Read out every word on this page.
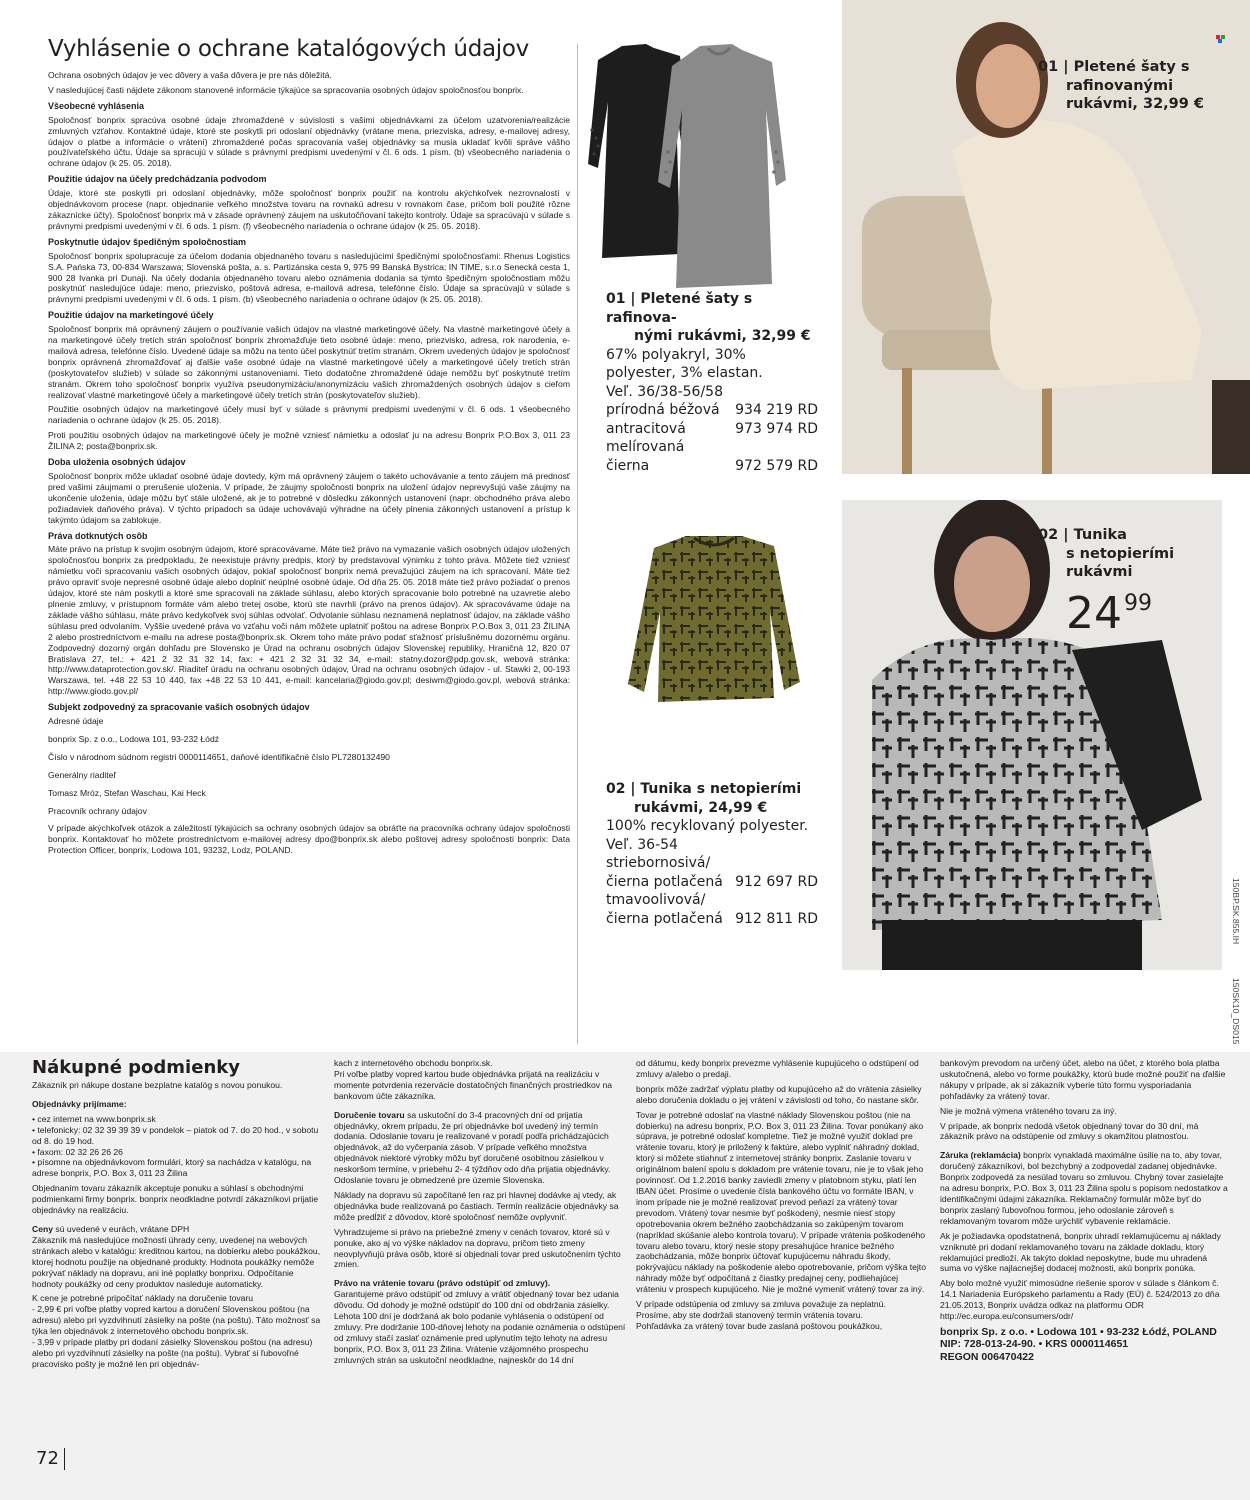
Vyhlásenie o ochrane katalógových údajov

Ochrana osobných údajov je vec dôvery a vaša dôvera je pre nás dôležitá.

V nasledujúcej časti nájdete zákonom stanovené informácie týkajúce sa spracovania osobných údajov spoločnosťou bonprix.

Všeobecné vyhlásenia

Spoločnosť bonprix spracúva osobné údaje zhromaždené v súvislosti s vašimi objednávkami za účelom uzatvorenia/realizácie zmluvných vzťahov. Kontaktné údaje, ktoré ste poskytli pri odoslaní objednávky (vrátane mena, priezviska, adresy, e-mailovej adresy, údajov o platbe a informácie o vrátení) zhromaždené počas spracovania vašej objednávky sa musia ukladať kvôli správe vášho používateľského účtu. Údaje sa spracujú v súlade s právnymi predpismi uvedenými v čl. 6 ods. 1 písm. (b) všeobecného nariadenia o ochrane údajov (k 25. 05. 2018).

Použitie údajov na účely predchádzania podvodom

Údaje, ktoré ste poskytli pri odoslaní objednávky, môže spoločnosť bonprix použiť na kontrolu akýchkoľvek nezrovnalostí v objednávkovom procese (napr. objednanie veľkého množstva tovaru na rovnakú adresu v rovnakom čase, pričom boli použité rôzne zákaznícke účty). Spoločnosť bonprix má v zásade oprávnený záujem na uskutočňovaní takejto kontroly. Údaje sa spracúvajú v súlade s právnymi predpismi uvedenými v čl. 6 ods. 1 písm. (f) všeobecného nariadenia o ochrane údajov (k 25. 05. 2018).

Poskytnutie údajov špedičným spoločnostiam

Spoločnosť bonprix spolupracuje za účelom dodania objednaného tovaru s nasledujúcimi špedičnými spoločnosťami: Rhenus Logistics S.A. Pańska 73, 00-834 Warszawa; Slovenská pošta, a. s. Partizánska cesta 9, 975 99 Banská Bystrica; IN TIME, s.r.o Senecká cesta 1, 900 28 Ivanka pri Dunaji. Na účely dodania objednaného tovaru alebo oznámenia dodania sa týmto špedičným spoločnostiam môžu poskytnúť nasledujúce údaje: meno, priezvisko, poštová adresa, e-mailová adresa, telefónne číslo. Údaje sa spracúvajú v súlade s právnymi predpismi uvedenými v čl. 6 ods. 1 písm. (b) všeobecného nariadenia o ochrane údajov (k 25. 05. 2018).

Použitie údajov na marketingové účely

Spoločnosť bonprix má oprávnený záujem o používanie vašich údajov na vlastné marketingové účely. Na vlastné marketingové účely a na marketingové účely tretích strán spoločnosť bonprix zhromažďuje tieto osobné údaje: meno, priezvisko, adresa, rok narodenia, e-mailová adresa, telefónne číslo. Uvedené údaje sa môžu na tento účel poskytnúť tretím stranám. Okrem uvedených údajov je spoločnosť bonprix oprávnená zhromažďovať aj ďalšie vaše osobné údaje na vlastné marketingové účely a marketingové účely tretích strán (poskytovateľov služieb) v súlade so zákonnými ustanoveniami. Tieto dodatočne zhromaždené údaje nemôžu byť poskytnuté tretím stranám. Okrem toho spoločnosť bonprix využíva pseudonymizáciu/anonymizáciu vašich zhromaždených osobných údajov s cieľom realizovať vlastné marketingové účely a marketingové účely tretích strán (poskytovateľov služieb).

Použitie osobných údajov na marketingové účely musí byť v súlade s právnymi predpismi uvedenými v čl. 6 ods. 1 všeobecného nariadenia o ochrane údajov (k 25. 05. 2018).

Proti použitiu osobných údajov na marketingové účely je možné vzniesť námietku a odoslať ju na adresu Bonprix P.O.Box 3, 011 23 ŽILINA 2; posta@bonprix.sk.

Doba uloženia osobných údajov

Spoločnosť bonprix môže ukladať osobné údaje dovtedy, kým má oprávnený záujem o takéto uchovávanie a tento záujem má prednosť pred vašimi záujmami o prerušenie uloženia. V prípade, že záujmy spoločnosti bonprix na uložení údajov neprevyšujú vaše záujmy na ukončenie uloženia, údaje môžu byť stále uložené, ak je to potrebné v dôsledku zákonných ustanovení (napr. obchodného práva alebo požiadaviek daňového práva). V týchto prípadoch sa údaje uchovávajú výhradne na účely plnenia zákonných ustanovení a prístup k takýmto údajom sa zablokuje.

Práva dotknutých osôb

Máte právo na prístup k svojim osobným údajom, ktoré spracovávame. Máte tiež právo na vymazanie vašich osobných údajov uložených spoločnosťou bonprix za predpokladu, že neexistuje právny predpis, ktorý by predstavoval výnimku z tohto práva. Môžete tiež vzniesť námietku voči spracovaniu vašich osobných údajov, pokiaľ spoločnosť bonprix nemá prevažujúci záujem na ich spracovaní. Máte tiež právo opraviť svoje nepresné osobné údaje alebo doplniť neúplné osobné údaje. Od dňa 25. 05. 2018 máte tiež právo požiadať o prenos údajov, ktoré ste nám poskytli a ktoré sme spracovali na základe súhlasu, alebo ktorých spracovanie bolo potrebné na uzavretie alebo plnenie zmluvy, v prístupnom formáte vám alebo tretej osobe, ktorú ste navrhli (právo na prenos údajov). Ak spracovávame údaje na základe vášho súhlasu, máte právo kedykoľvek svoj súhlas odvolať. Odvolanie súhlasu neznamená neplatnosť údajov, na základe vášho súhlasu pred odvolaním. Vyššie uvedené práva vo vzťahu voči nám môžete uplatniť poštou na adrese Bonprix P.O.Box 3, 011 23 ŽILINA 2 alebo prostredníctvom e-mailu na adrese posta@bonprix.sk. Okrem toho máte právo podať sťažnosť príslušnému dozornému orgánu. Zodpovedný dozorný orgán dohľadu pre Slovensko je Úrad na ochranu osobných údajov Slovenskej republiky, Hraničná 12, 820 07 Bratislava 27, tel.: + 421 2 32 31 32 14, fax: + 421 2 32 31 32 34, e-mail: statny.dozor@pdp.gov.sk, webová stránka: http://www.dataprotection.gov.sk/. Riaditeľ úradu na ochranu osobných údajov, Úrad na ochranu osobných údajov - ul. Stawki 2, 00-193 Warszawa, tel. +48 22 53 10 440, fax +48 22 53 10 441, e-mail: kancelaria@giodo.gov.pl; desiwm@giodo.gov.pl, webová stránka: http://www.giodo.gov.pl/

Subjekt zodpovedný za spracovanie vašich osobných údajov

Adresné údaje

bonprix Sp. z o.o., Lodowa 101, 93-232 Łódź

Číslo v národnom súdnom registri 0000114651, daňové identifikačné číslo PL7280132490

Generálny riaditeľ

Tomasz Mróz, Stefan Waschau, Kai Heck

Pracovník ochrany údajov

V prípade akýchkoľvek otázok a záležitostí týkajúcich sa ochrany osobných údajov sa obráťte na pracovníka ochrany údajov spoločnosti bonprix. Kontaktovať ho môžete prostredníctvom e-mailovej adresy dpo@bonprix.sk alebo poštovej adresy spoločnosti bonprix: Data Protection Officer, bonprix, Lodowa 101, 93232, Lodz, POLAND.

01 | Pletené šaty s rafinova-
nými rukávmi, 32,99 €
67% polyakryl, 30% polyester, 3% elastan.
Veľ. 36/38-56/58
prírodná béžová 934 219 RD
antracitová melírovaná
973 974 RD
čierna	972 579 RD
02 | Tunika s netopierími
rukávmi, 24,99 €
100% recyklovaný polyester.
Veľ. 36-54
striebornosivá/
čierna potlačená 912 697 RD
tmavoolivová/
čierna potlačená 912 811 RD
01 | Pletené šaty s
rafinovanými
rukávmi, 32,99 €
02 | Tunika
s netopierími
rukávmi
$24^{99}$
150BP.SK.855.IH
150SK10_DS015
Nákupné podmienky

Zákazník pri nákupe dostane bezplatne katalóg s novou ponukou.

Objednávky prijímame:

• cez internet na www.bonprix.sk

• telefonicky: 02 32 39 39 39 v pondelok – piatok od 7. do 20 hod., v sobotu od 8. do 19 hod.

• faxom: 02 32 26 26 26

• písomne na objednávkovom formulári, ktorý sa nachádza v katalógu, na adrese bonprix, P.O. Box 3, 011 23 Žilina

Objednaním tovaru zákazník akceptuje ponuku a súhlasí s obchodnými podmienkami firmy bonprix. bonprix neodkladne potvrdí zákazníkovi prijatie objednávky na realizáciu.

Ceny sú uvedené v eurách, vrátane DPH

Zákazník má nasledujúce možnosti úhrady ceny, uvedenej na webových stránkach alebo v katalógu: kreditnou kartou, na dobierku alebo poukážkou, ktorej hodnotu použije na objednané produkty. Hodnota poukážky nemôže pokrývať náklady na dopravu, ani iné poplatky bonprixu. Odpočítanie hodnoty poukážky od ceny produktov nasleduje automaticky.

K cene je potrebné pripočítať náklady na doručenie tovaru

- 2,99 € pri voľbe platby vopred kartou a doručení Slovenskou poštou (na adresu) alebo pri vyzdvihnutí zásielky na pošte (na poštu). Táto možnosť sa týka len objednávok z internetového obchodu bonprix.sk.

- 3,99 v prípade platby pri dodaní zásielky Slovenskou poštou (na adresu) alebo pri vyzdvihnutí zásielky na pošte (na poštu). Vybrať si ľubovoľné pracovisko pošty je možné len pri objednáv-

kach z internetového obchodu bonprix.sk.

Pri voľbe platby vopred kartou bude objednávka prijatá na realizáciu v momente potvrdenia rezervácie dostatočných finančných prostriedkov na bankovom účte zákazníka.

Doručenie tovaru sa uskutoční do 3-4 pracovných dní od prijatia objednávky, okrem prípadu, že pri objednávke bol uvedený iný termín dodania. Odoslanie tovaru je realizované v poradí podľa prichádzajúcich objednávok, až do vyčerpania zásob. V prípade veľkého množstva objednávok niektoré výrobky môžu byť doručené osobitnou zásielkou v neskoršom termíne, v priebehu 2- 4 týždňov odo dňa prijatia objednávky. Odoslanie tovaru je obmedzené pre územie Slovenska.

Náklady na dopravu sú započítané len raz pri hlavnej dodávke aj vtedy, ak objednávka bude realizovaná po častiach. Termín realizácie objednávky sa môže predĺžiť z dôvodov, ktoré spoločnosť nemôže ovplyvniť.

Vyhradzujeme si právo na priebežné zmeny v cenách tovarov, ktoré sú v ponuke, ako aj vo výške nákladov na dopravu, pričom tieto zmeny neovplyvňujú práva osôb, ktoré si objednali tovar pred uskutočnením týchto zmien.

Právo na vrátenie tovaru (právo odstúpiť od zmluvy).

Garantujeme právo odstúpiť od zmluvy a vrátiť objednaný tovar bez udania dôvodu. Od dohody je možné odstúpiť do 100 dní od obdržania zásielky. Lehota 100 dní je dodržaná ak bolo podanie vyhlásenia o odstúpení od zmluvy. Pre dodržanie 100-dňovej lehoty na podanie oznámenia o odstúpení od zmluvy stačí zaslať oznámenie pred uplynutím tejto lehoty na adresu bonprix, P.O. Box 3, 011 23 Žilina. Vrátenie vzájomného prospechu zmluvných strán sa uskutoční neodkladne, najneskôr do 14 dní

od dátumu, kedy bonprix prevezme vyhlásenie kupujúceho o odstúpení od zmluvy a/alebo o predaji.

bonprix môže zadržať výplatu platby od kupujúceho až do vrátenia zásielky alebo doručenia dokladu o jej vrátení v závislosti od toho, čo nastane skôr.

Tovar je potrebné odoslať na vlastné náklady Slovenskou poštou (nie na dobierku) na adresu bonprix, P.O. Box 3, 011 23 Žilina. Tovar ponúkaný ako súprava, je potrebné odoslať kompletne. Tiež je možné využiť doklad pre vrátenie tovaru, ktorý je priložený k faktúre, alebo vyplniť náhradný doklad, ktorý si môžete stiahnuť z internetovej stránky bonprix. Zaslanie tovaru v originálnom balení spolu s dokladom pre vrátenie tovaru, nie je to však jeho povinnosť. Od 1.2.2016 banky zaviedli zmeny v platobnom styku, platí len IBAN účet. Prosíme o uvedenie čísla bankového účtu vo formáte IBAN, v inom prípade nie je možné realizovať prevod peňazí za vrátený tovar prevodom. Vrátený tovar nesmie byť poškodený, nesmie niesť stopy opotrebovania okrem bežného zaobchádzania so zakúpeným tovarom (napríklad skúšanie alebo kontrola tovaru). V prípade vrátenia poškodeného tovaru alebo tovaru, ktorý nesie stopy presahujúce hranice bežného zaobchádzania, môže bonprix účtovať kupujúcemu náhradu škody, pokrývajúcu náklady na poškodenie alebo opotrebovanie, pričom výška tejto náhrady môže byť odpočítaná z čiastky predajnej ceny, podliehajúcej vráteniu v prospech kupujúceho. Nie je možné vymeniť vrátený tovar za iný.

V prípade odstúpenia od zmluvy sa zmluva považuje za neplatnú.

Prosíme, aby ste dodržali stanovený termín vrátenia tovaru.

Pohľadávka za vrátený tovar bude zaslaná poštovou poukážkou,

bankovým prevodom na určený účet, alebo na účet, z ktorého bola platba uskutočnená, alebo vo forme poukážky, ktorú bude možné použiť na ďalšie nákupy v prípade, ak si zákazník vyberie túto formu vysporiadania pohľadávky za vrátený tovar.

Nie je možná výmena vráteného tovaru za iný.

V prípade, ak bonprix nedodá všetok objednaný tovar do 30 dní, má zákazník právo na odstúpenie od zmluvy s okamžitou platnosťou.

Záruka (reklamácia) bonprix vynakladá maximálne úsilie na to, aby tovar, doručený zákazníkovi, bol bezchybný a zodpovedal zadanej objednávke. Bonprix zodpovedá za nesúlad tovaru so zmluvou. Chybný tovar zasielajte na adresu bonprix, P.O. Box 3, 011 23 Žilina spolu s popisom nedostatkov a identifikačnými údajmi zákazníka. Reklamačný formulár môže byť do bonprix zaslaný ľubovoľnou formou, jeho odoslanie zároveň s reklamovaným tovarom môže urýchliť vybavenie reklamácie.

Ak je požiadavka opodstatnená, bonprix uhradí reklamujúcemu aj náklady vzniknuté pri dodaní reklamovaného tovaru na základe dokladu, ktorý reklamujúci predloží. Ak takýto doklad neposkytne, bude mu uhradená suma vo výške najlacnejšej dodacej možnosti, akú bonprix ponúka.

Aby bolo možné využiť mimosúdne riešenie sporov v súlade s článkom č. 14.1 Nariadenia Európskeho parlamentu a Rady (EÚ) č. 524/2013 zo dňa 21.05.2013, Bonprix uvádza odkaz na platformu ODR http://ec.europa.eu/consumers/odr/

bonprix Sp. z o.o. • Lodowa 101 • 93-232 Łódź, POLAND

NIP: 728-013-24-90. • KRS 0000114651

REGON 006470422

72
